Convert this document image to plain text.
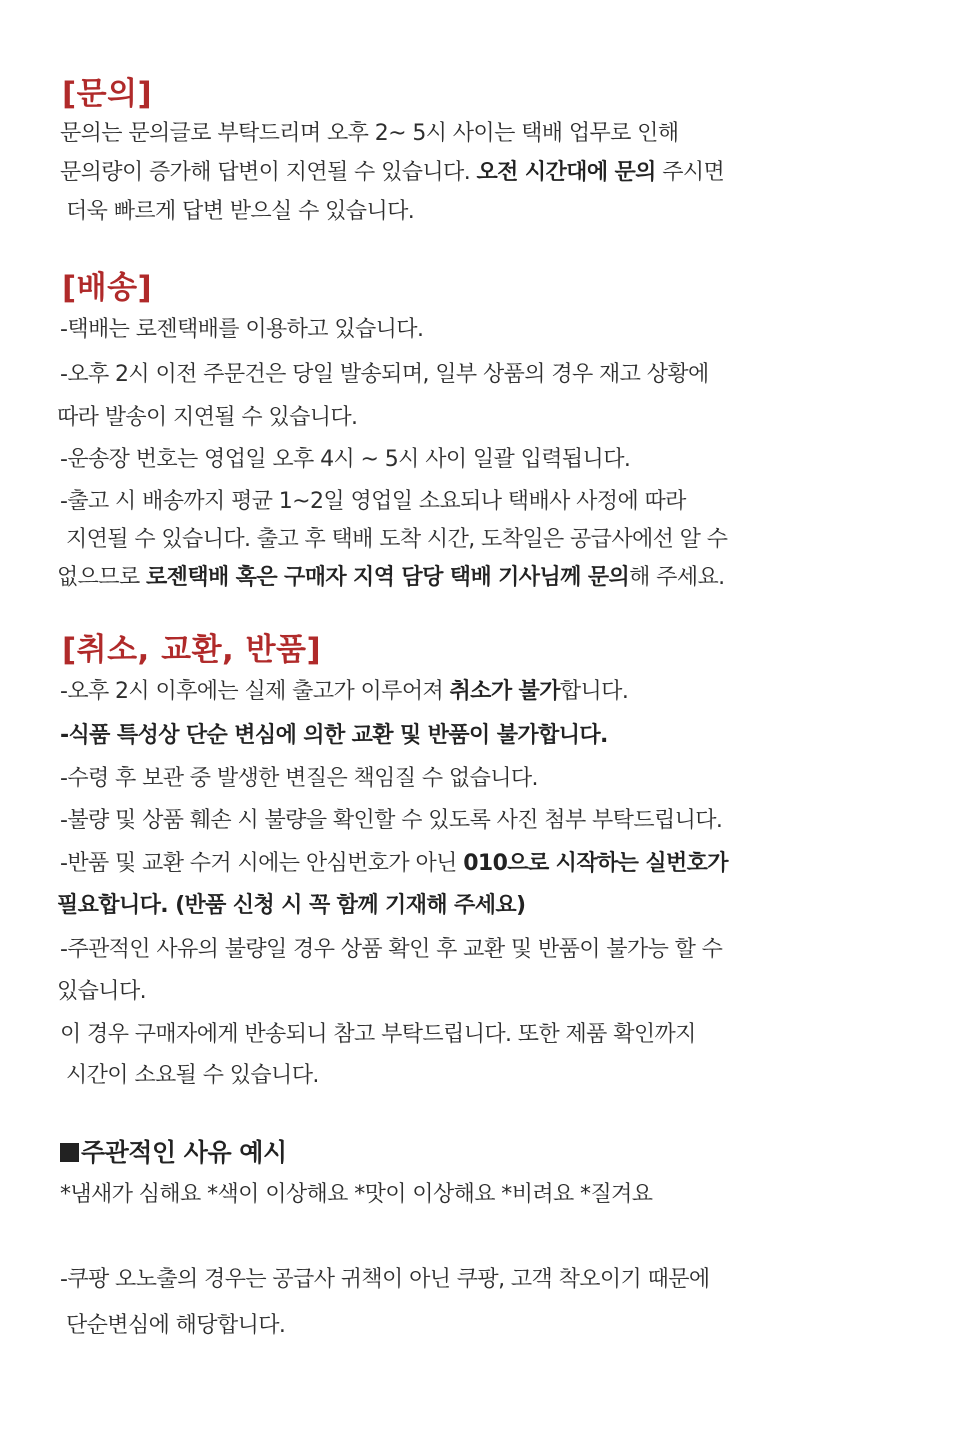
[문의]

문의는 문의글로 부탁드리며 오후 2~ 5시 사이는 택배 업무로 인해

문의량이 증가해 답변이 지연될 수 있습니다. 오전 시간대에 문의 주시면

더욱 빠르게 답변 받으실 수 있습니다.

[배송]

-택배는 로젠택배를 이용하고 있습니다.

-오후 2시 이전 주문건은 당일 발송되며, 일부 상품의 경우 재고 상황에

따라 발송이 지연될 수 있습니다.

-운송장 번호는 영업일 오후 4시 ~ 5시 사이 일괄 입력됩니다.

-출고 시 배송까지 평균 1~2일 영업일 소요되나 택배사 사정에 따라

지연될 수 있습니다. 출고 후 택배 도착 시간, 도착일은 공급사에선 알 수

없으므로 로젠택배 혹은 구매자 지역 담당 택배 기사님께 문의해 주세요.

[취소, 교환, 반품]

-오후 2시 이후에는 실제 출고가 이루어져 취소가 불가합니다.

-식품 특성상 단순 변심에 의한 교환 및 반품이 불가합니다.

-수령 후 보관 중 발생한 변질은 책임질 수 없습니다.

-불량 및 상품 훼손 시 불량을 확인할 수 있도록 사진 첨부 부탁드립니다.

-반품 및 교환 수거 시에는 안심번호가 아닌 010으로 시작하는 실번호가

필요합니다. (반품 신청 시 꼭 함께 기재해 주세요)

-주관적인 사유의 불량일 경우 상품 확인 후 교환 및 반품이 불가능 할 수

있습니다.

이 경우 구매자에게 반송되니 참고 부탁드립니다. 또한 제품 확인까지

시간이 소요될 수 있습니다.

주관적인 사유 예시

*냄새가 심해요 *색이 이상해요 *맛이 이상해요 *비려요 *질겨요

-쿠팡 오노출의 경우는 공급사 귀책이 아닌 쿠팡, 고객 착오이기 때문에

단순변심에 해당합니다.
